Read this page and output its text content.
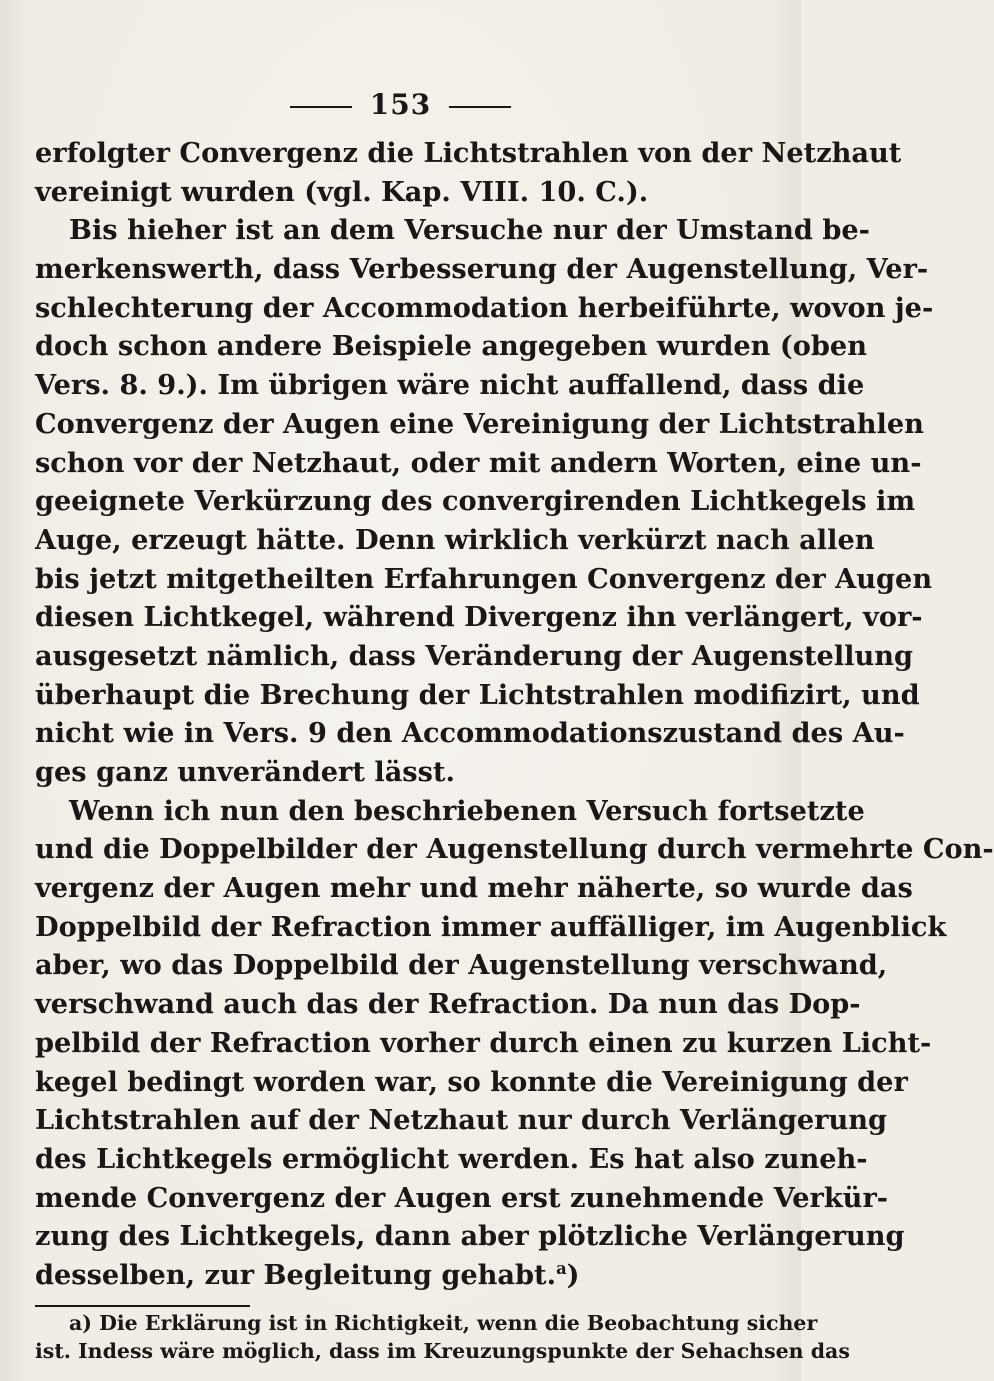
153
erfolgter Convergenz die Lichtstrahlen von der Netzhaut
vereinigt wurden (vgl. Kap. VIII. 10. C.).
Bis hieher ist an dem Versuche nur der Umstand be-
merkenswerth, dass Verbesserung der Augenstellung, Ver-
schlechterung der Accommodation herbeiführte, wovon je-
doch schon andere Beispiele angegeben wurden (oben
Vers. 8. 9.). Im übrigen wäre nicht auffallend, dass die
Convergenz der Augen eine Vereinigung der Lichtstrahlen
schon vor der Netzhaut, oder mit andern Worten, eine un-
geeignete Verkürzung des convergirenden Lichtkegels im
Auge, erzeugt hätte. Denn wirklich verkürzt nach allen
bis jetzt mitgetheilten Erfahrungen Convergenz der Augen
diesen Lichtkegel, während Divergenz ihn verlängert, vor-
ausgesetzt nämlich, dass Veränderung der Augenstellung
überhaupt die Brechung der Lichtstrahlen modifizirt, und
nicht wie in Vers. 9 den Accommodationszustand des Au-
ges ganz unverändert lässt.
Wenn ich nun den beschriebenen Versuch fortsetzte
und die Doppelbilder der Augenstellung durch vermehrte Con-
vergenz der Augen mehr und mehr näherte, so wurde das
Doppelbild der Refraction immer auffälliger, im Augenblick
aber, wo das Doppelbild der Augenstellung verschwand,
verschwand auch das der Refraction. Da nun das Dop-
pelbild der Refraction vorher durch einen zu kurzen Licht-
kegel bedingt worden war, so konnte die Vereinigung der
Lichtstrahlen auf der Netzhaut nur durch Verlängerung
des Lichtkegels ermöglicht werden. Es hat also zuneh-
mende Convergenz der Augen erst zunehmende Verkür-
zung des Lichtkegels, dann aber plötzliche Verlängerung
desselben, zur Begleitung gehabt.$^a$)
a) Die Erklärung ist in Richtigkeit, wenn die Beobachtung sicher
ist. Indess wäre möglich, dass im Kreuzungspunkte der Sehachsen das
